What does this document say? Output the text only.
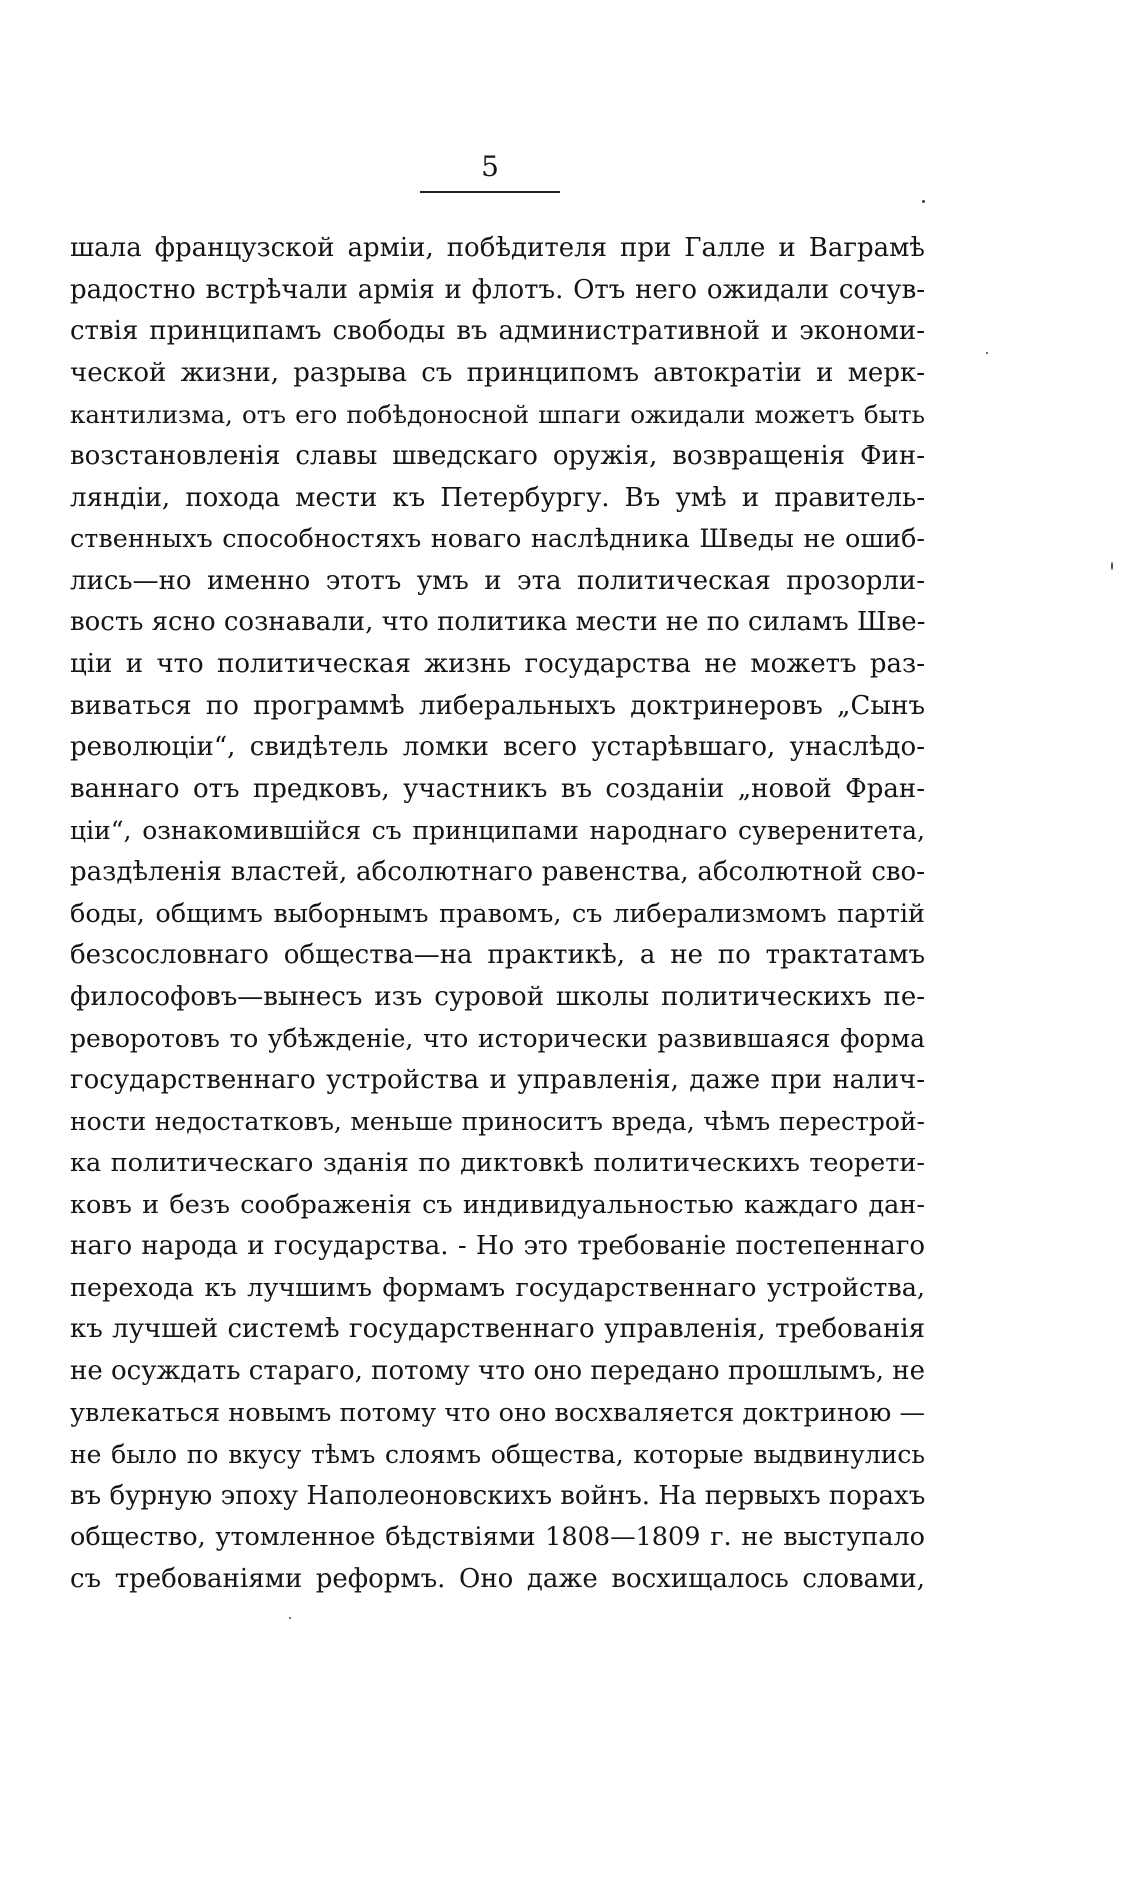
5
шала французской арміи, побѣдителя при Галле и Ваграмѣ
радостно встрѣчали армія и флотъ. Отъ него ожидали сочув-
ствія принципамъ свободы въ административной и экономи-
ческой жизни, разрыва съ принципомъ автократіи и мерк-
кантилизма, отъ его побѣдоносной шпаги ожидали можетъ быть
возстановленія славы шведскаго оружія, возвращенія Фин-
ляндіи, похода мести къ Петербургу. Въ умѣ и правитель-
ственныхъ способностяхъ новаго наслѣдника Шведы не ошиб-
лись—но именно этотъ умъ и эта политическая прозорли-
вость ясно сознавали, что политика мести не по силамъ Шве-
ціи и что политическая жизнь государства не можетъ раз-
виваться по программѣ либеральныхъ доктринеровъ „Сынъ
революціи“, свидѣтель ломки всего устарѣвшаго, унаслѣдо-
ваннаго отъ предковъ, участникъ въ созданіи „новой Фран-
ціи“, ознакомившійся съ принципами народнаго суверенитета,
раздѣленія властей, абсолютнаго равенства, абсолютной сво-
боды, общимъ выборнымъ правомъ, съ либерализмомъ партій
безсословнаго общества—на практикѣ, а не по трактатамъ
философовъ—вынесъ изъ суровой школы политическихъ пе-
реворотовъ то убѣжденіе, что исторически развившаяся форма
государственнаго устройства и управленія, даже при налич-
ности недостатковъ, меньше приноситъ вреда, чѣмъ перестрой-
ка политическаго зданія по диктовкѣ политическихъ теорети-
ковъ и безъ соображенія съ индивидуальностью каждаго дан-
наго народа и государства. - Но это требованіе постепеннаго
перехода къ лучшимъ формамъ государственнаго устройства,
къ лучшей системѣ государственнаго управленія, требованія
не осуждать стараго, потому что оно передано прошлымъ, не
увлекаться новымъ потому что оно восхваляется доктриною —
не было по вкусу тѣмъ слоямъ общества, которые выдвинулись
въ бурную эпоху Наполеоновскихъ войнъ. На первыхъ порахъ
общество, утомленное бѣдствіями 1808—1809 г. не выступало
съ требованіями реформъ. Оно даже восхищалось словами,
